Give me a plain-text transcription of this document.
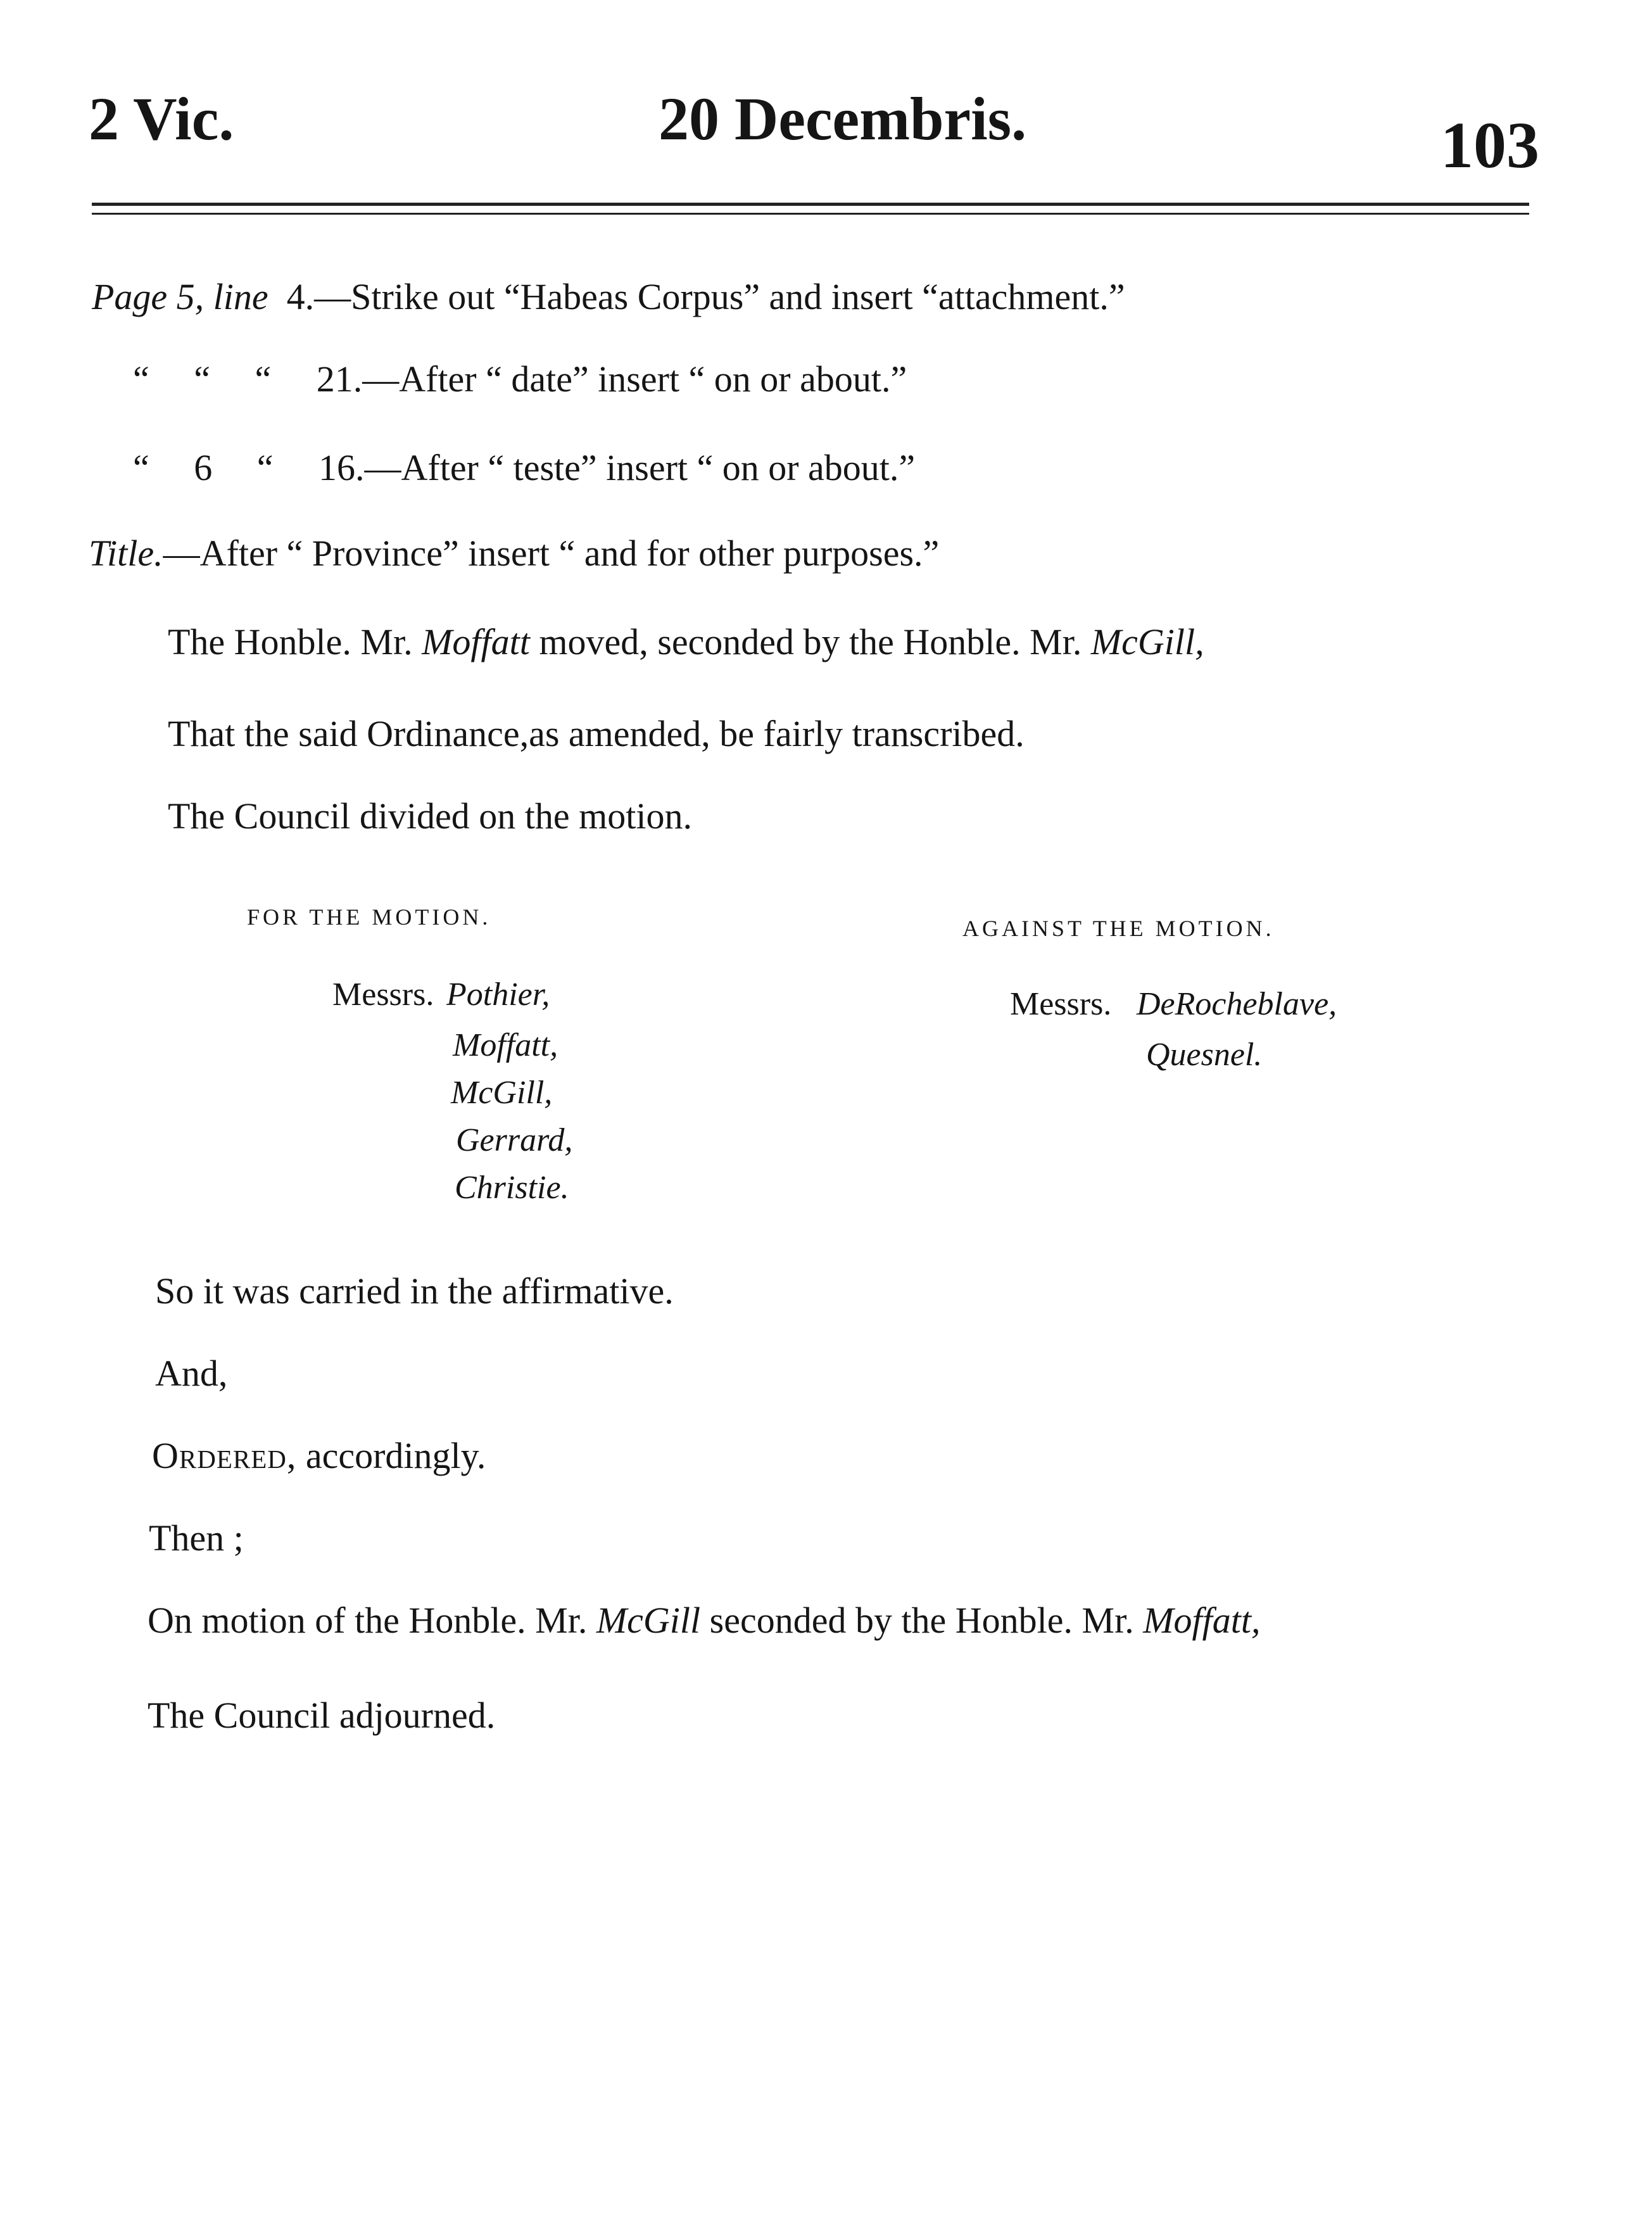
2 Vic.	20 Decembris.	103
Page 5, line 4.—Strike out “Habeas Corpus” and insert “attachment.”
“ “ “ 21.—After “ date” insert “ on or about.”
“ 6 “ 16.—After “ teste” insert “ on or about.”
Title.—After “ Province” insert “ and for other purposes.”
The Honble. Mr. Moffatt moved, seconded by the Honble. Mr. McGill,
That the said Ordinance,as amended, be fairly transcribed.
The Council divided on the motion.
FOR THE MOTION.	AGAINST THE MOTION.
Messrs. Pothier,
Moffatt,
McGill,
Gerrard,
Christie.
Messrs. DeRocheblave,
Quesnel.
So it was carried in the affirmative.
And,
Ordered, accordingly.
Then ;
On motion of the Honble. Mr. McGill seconded by the Honble. Mr. Moffatt,
The Council adjourned.
